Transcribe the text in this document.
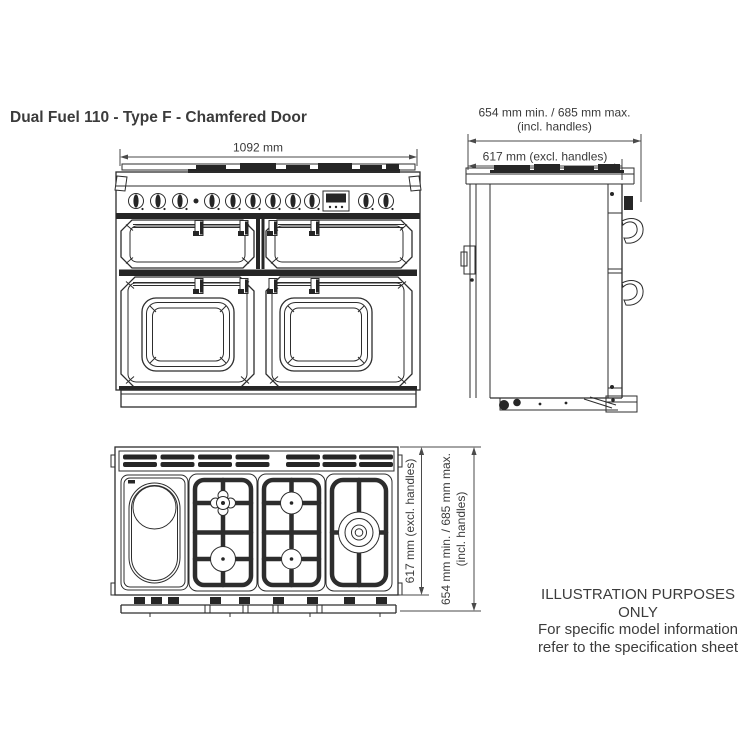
Dual Fuel 110 - Type F - Chamfered Door
1092 mm
654 mm min. / 685 mm max.
(incl. handles)
617 mm (excl. handles)
617 mm (excl. handles) 654 mm min. / 685 mm max. (incl. handles)
ILLUSTRATION PURPOSES ONLY
For specific model information
refer to the specification sheet
